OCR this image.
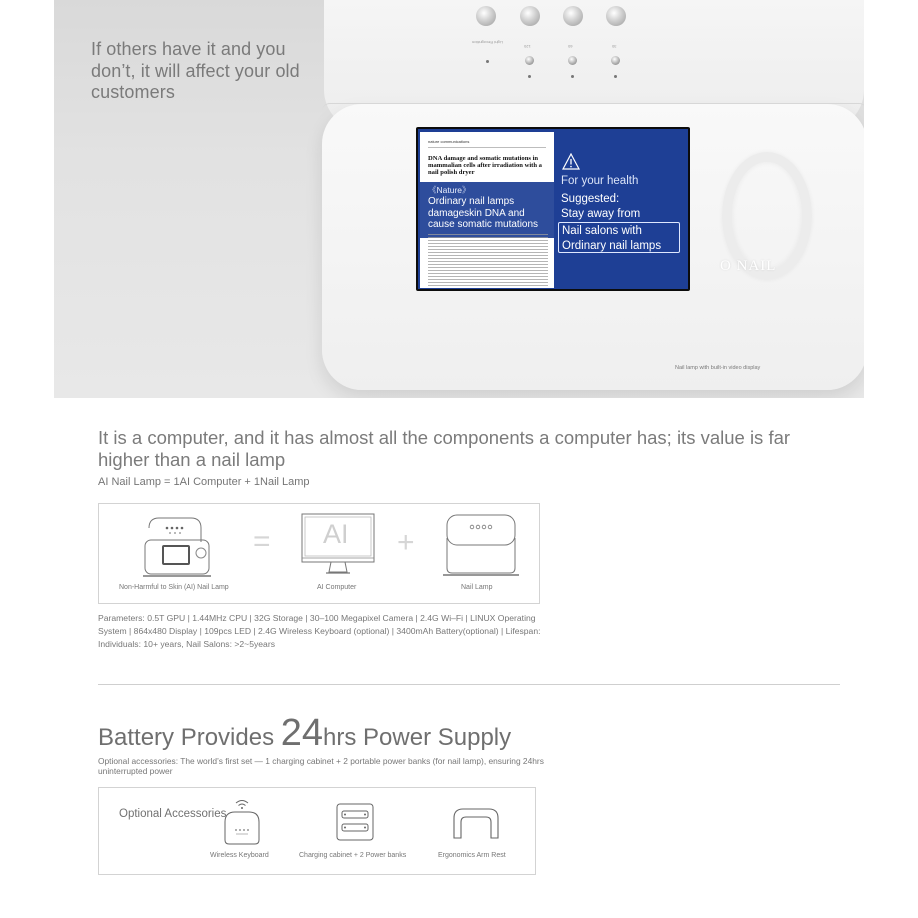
If others have it and you don’t, it will affect your old customers
Light Recognition
120	60	30
O NAIL
nature communications
DNA damage and somatic mutations in mammalian cells after irradiation with a nail polish dryer
《Nature》
Ordinary nail lamps damageskin DNA and cause somatic mutations
For your health
Suggested:
Stay away from
Nail salons with Ordinary nail lamps
Nail lamp with built-in video display
It is a computer, and it has almost all the components a computer has; its value is far higher than a nail lamp
AI Nail Lamp = 1AI Computer + 1Nail Lamp
= AI +
Non-Harmful to Skin (AI) Nail Lamp	AI Computer	Nail Lamp
Parameters: 0.5T GPU | 1.44MHz CPU | 32G Storage | 30–100 Megapixel Camera | 2.4G Wi–Fi | LINUX Operating System | 864x480 Display | 109pcs LED | 2.4G Wireless Keyboard (optional) | 3400mAh Battery(optional) | Lifespan: Individuals: 10+ years, Nail Salons: >2~5years
Battery Provides 24hrs Power Supply
Optional accessories: The world’s first set — 1 charging cabinet + 2 portable power banks (for nail lamp), ensuring 24hrs uninterrupted power
Optional Accessories
Wireless Keyboard	Charging cabinet + 2 Power banks	Ergonomics Arm Rest
